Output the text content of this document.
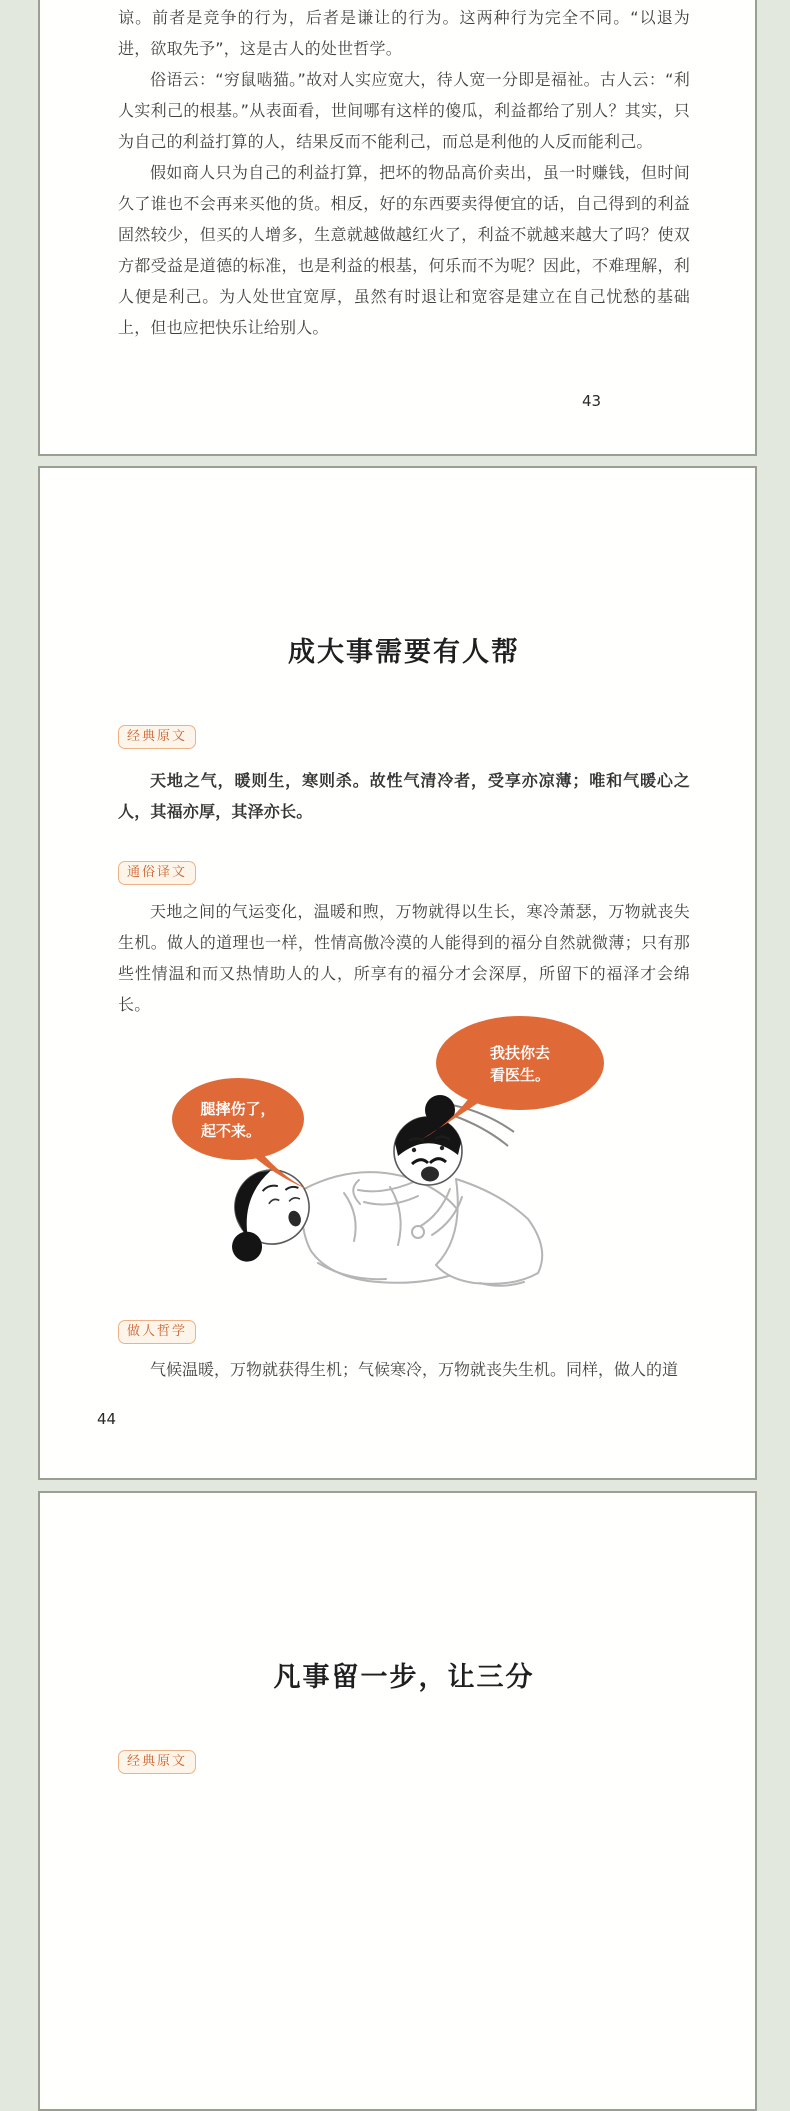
谅。前者是竞争的行为，后者是谦让的行为。这两种行为完全不同。“以退为进，欲取先予”，这是古人的处世哲学。

俗语云：“穷鼠啮猫。”故对人实应宽大，待人宽一分即是福祉。古人云：“利人实利己的根基。”从表面看，世间哪有这样的傻瓜，利益都给了别人？其实，只为自己的利益打算的人，结果反而不能利己，而总是利他的人反而能利己。

假如商人只为自己的利益打算，把坏的物品高价卖出，虽一时赚钱，但时间久了谁也不会再来买他的货。相反，好的东西要卖得便宜的话，自己得到的利益固然较少，但买的人增多，生意就越做越红火了，利益不就越来越大了吗？使双方都受益是道德的标准，也是利益的根基，何乐而不为呢？因此，不难理解，利人便是利己。为人处世宜宽厚，虽然有时退让和宽容是建立在自己忧愁的基础上，但也应把快乐让给别人。

43
成大事需要有人帮
经典原文

天地之气，暖则生，寒则杀。故性气清冷者，受享亦凉薄；唯和气暖心之人，其福亦厚，其泽亦长。

通俗译文

天地之间的气运变化，温暖和煦，万物就得以生长，寒冷萧瑟，万物就丧失生机。做人的道理也一样，性情高傲冷漠的人能得到的福分自然就微薄；只有那些性情温和而又热情助人的人，所享有的福分才会深厚，所留下的福泽才会绵长。

腿摔伤了，
起不来。
我扶你去
看医生。
做人哲学

气候温暖，万物就获得生机；气候寒冷，万物就丧失生机。同样，做人的道

44
凡事留一步，让三分
经典原文
